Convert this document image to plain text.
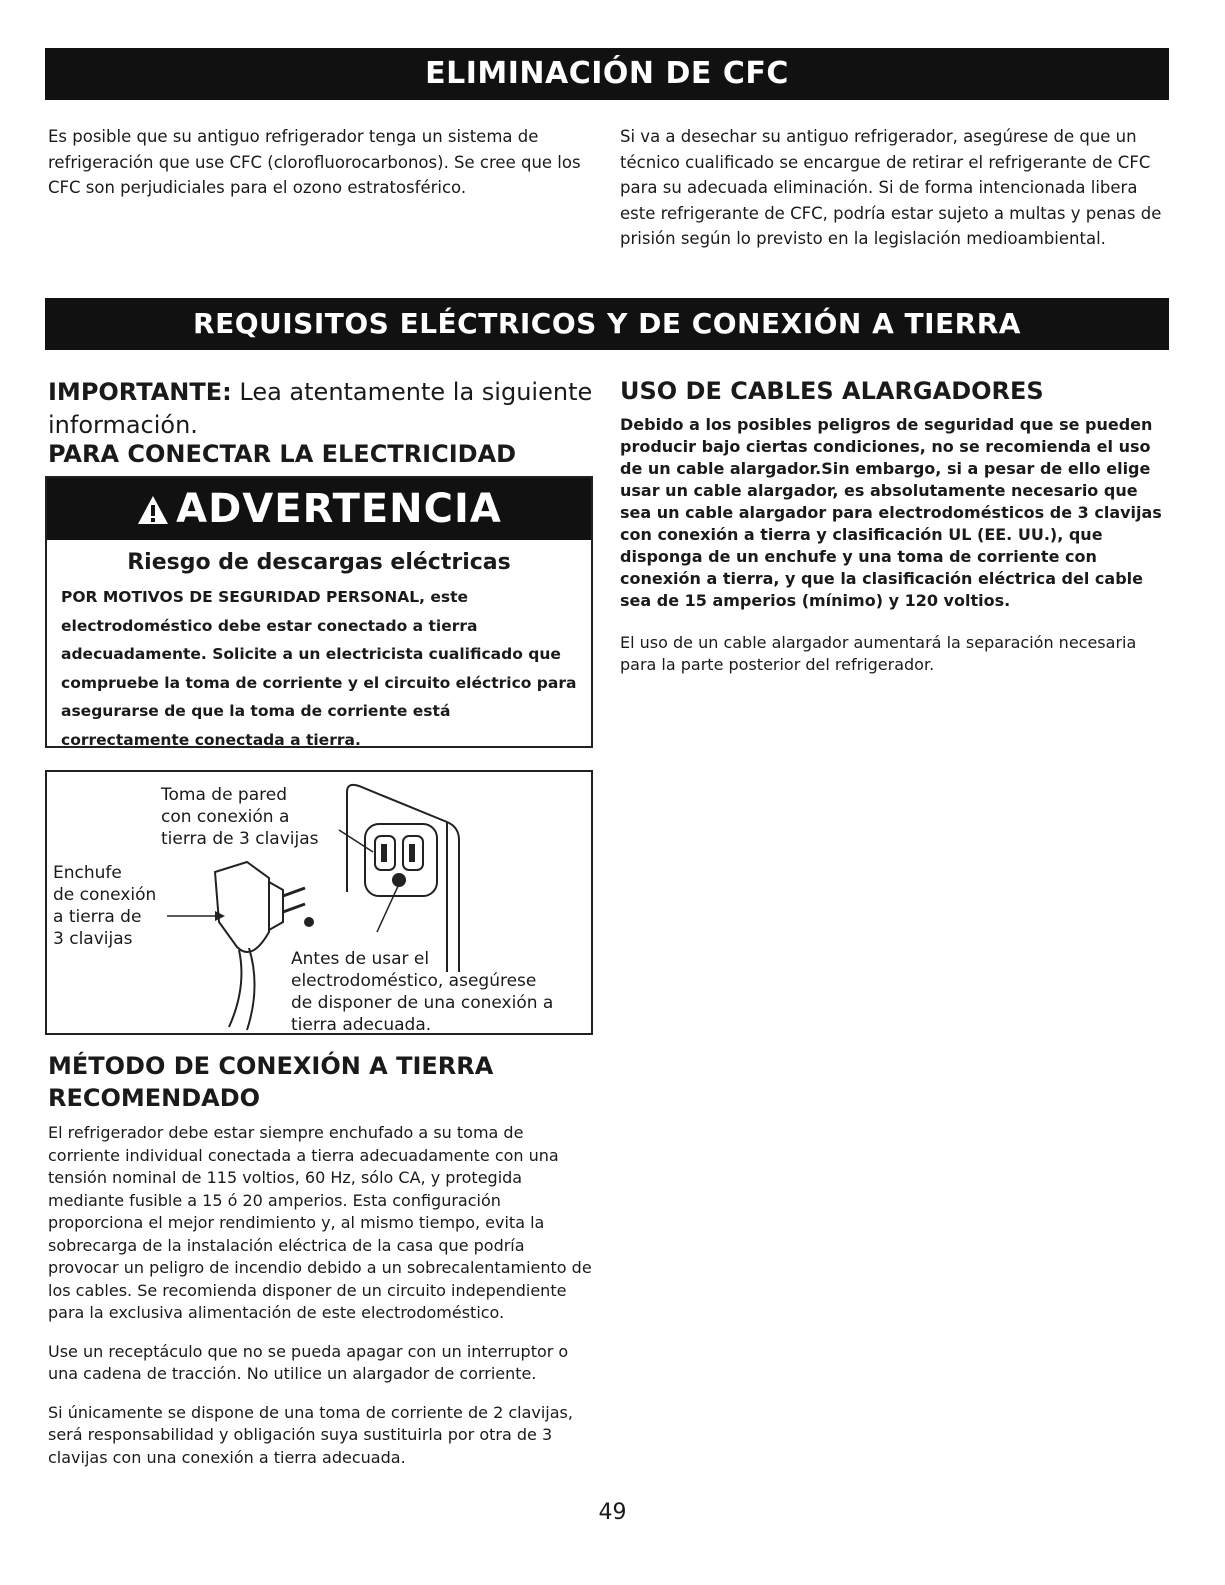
ELIMINACIÓN DE CFC

Es posible que su antiguo refrigerador tenga un sistema de refrigeración que use CFC (clorofluorocarbonos). Se cree que los CFC son perjudiciales para el ozono estratosférico.

Si va a desechar su antiguo refrigerador, asegúrese de que un técnico cualificado se encargue de retirar el refrigerante de CFC para su adecuada eliminación. Si de forma intencionada libera este refrigerante de CFC, podría estar sujeto a multas y penas de prisión según lo previsto en la legislación medioambiental.

REQUISITOS ELÉCTRICOS Y DE CONEXIÓN A TIERRA
IMPORTANTE: Lea atentamente la siguiente información.
PARA CONECTAR LA ELECTRICIDAD
ADVERTENCIA
Riesgo de descargas eléctricas

POR MOTIVOS DE SEGURIDAD PERSONAL, este electrodoméstico debe estar conectado a tierra adecuadamente. Solicite a un electricista cualificado que compruebe la toma de corriente y el circuito eléctrico para asegurarse de que la toma de corriente está correctamente conectada a tierra.

Toma de pared
con conexión a
tierra de 3 clavijas
Enchufe
de conexión
a tierra de
3 clavijas
Antes de usar el
electrodoméstico, asegúrese
de disponer de una conexión a
tierra adecuada.
MÉTODO DE CONEXIÓN A TIERRA RECOMENDADO

El refrigerador debe estar siempre enchufado a su toma de corriente individual conectada a tierra adecuadamente con una tensión nominal de 115 voltios, 60 Hz, sólo CA, y protegida mediante fusible a 15 ó 20 amperios. Esta configuración proporciona el mejor rendimiento y, al mismo tiempo, evita la sobrecarga de la instalación eléctrica de la casa que podría provocar un peligro de incendio debido a un sobrecalentamiento de los cables. Se recomienda disponer de un circuito independiente para la exclusiva alimentación de este electrodoméstico.

Use un receptáculo que no se pueda apagar con un interruptor o una cadena de tracción. No utilice un alargador de corriente.

Si únicamente se dispone de una toma de corriente de 2 clavijas, será responsabilidad y obligación suya sustituirla por otra de 3 clavijas con una conexión a tierra adecuada.

USO DE CABLES ALARGADORES

Debido a los posibles peligros de seguridad que se pueden producir bajo ciertas condiciones, no se recomienda el uso de un cable alargador.Sin embargo, si a pesar de ello elige usar un cable alargador, es absolutamente necesario que sea un cable alargador para electrodomésticos de 3 clavijas con conexión a tierra y clasificación UL (EE. UU.), que disponga de un enchufe y una toma de corriente con conexión a tierra, y que la clasificación eléctrica del cable sea de 15 amperios (mínimo) y 120 voltios.

El uso de un cable alargador aumentará la separación necesaria para la parte posterior del refrigerador.

49
